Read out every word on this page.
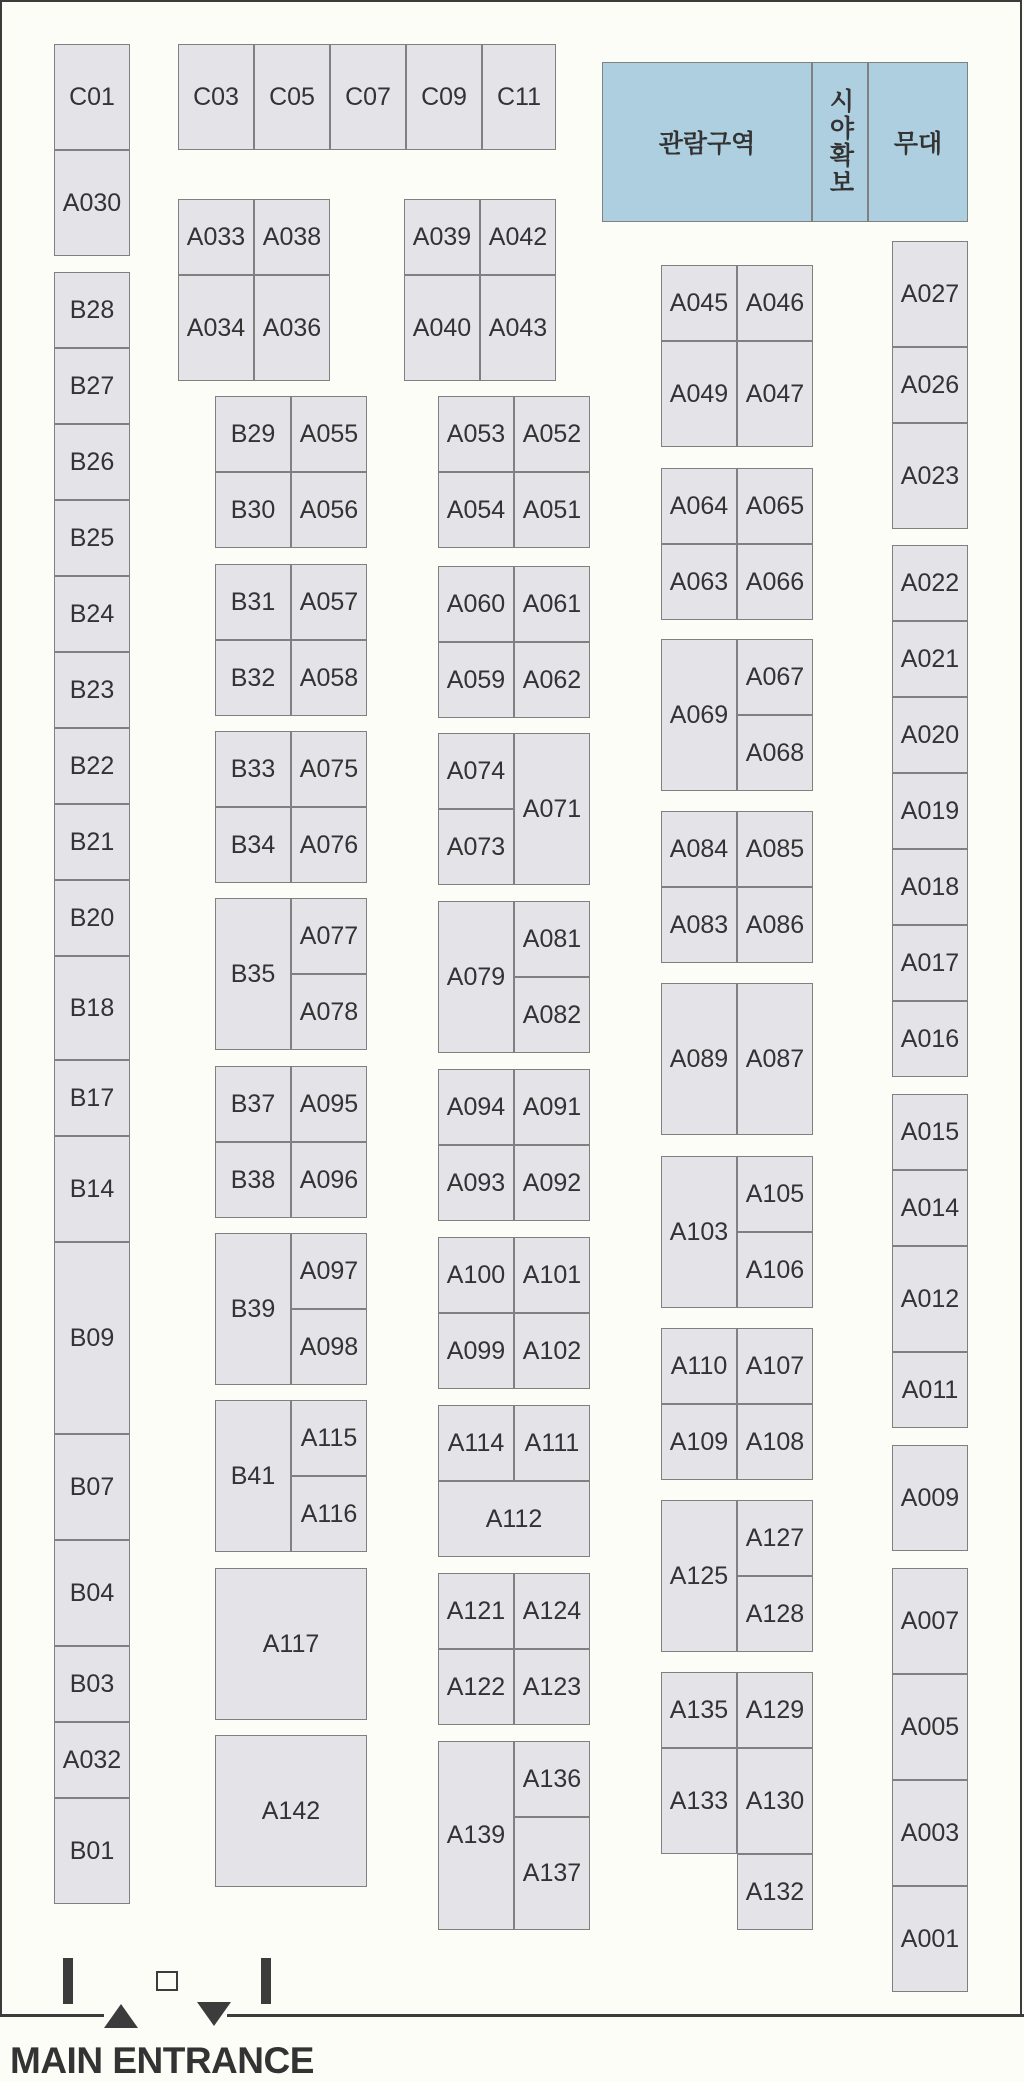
관람구역	시야확보	무대
C01
A030
C03	C05	C07	C09	C11
A033 A038
A034 A036
A039 A042
A040 A043
B28
B27
B26
B25
B24
B23
B22
B21
B20
B18
B17
B14
B09
B07
B04
B03
A032
B01
B29 A055
B30 A056
B31 A057
B32 A058
B33 A075
B34 A076
B35
A077
A078
B37 A095
B38 A096
B39
A097
A098
B41
A115
A116
A117
A142
A053 A052
A054 A051
A060 A061
A059 A062
A074
A071
A073
A079
A081
A082
A094 A091
A093 A092
A100 A101
A099 A102
A114 A111
A112
A121 A124
A122 A123
A139
A136
A137
A045 A046
A049 A047
A064 A065
A063 A066
A069
A067
A068
A084 A085
A083 A086
A089 A087
A103
A105
A106
A110 A107
A109 A108
A125
A127
A128
A135 A129
A133 A130
A132
A027
A026
A023
A022
A021
A020
A019
A018
A017
A016
A015
A014
A012
A011
A009
A007
A005
A003
A001
MAIN ENTRANCE
